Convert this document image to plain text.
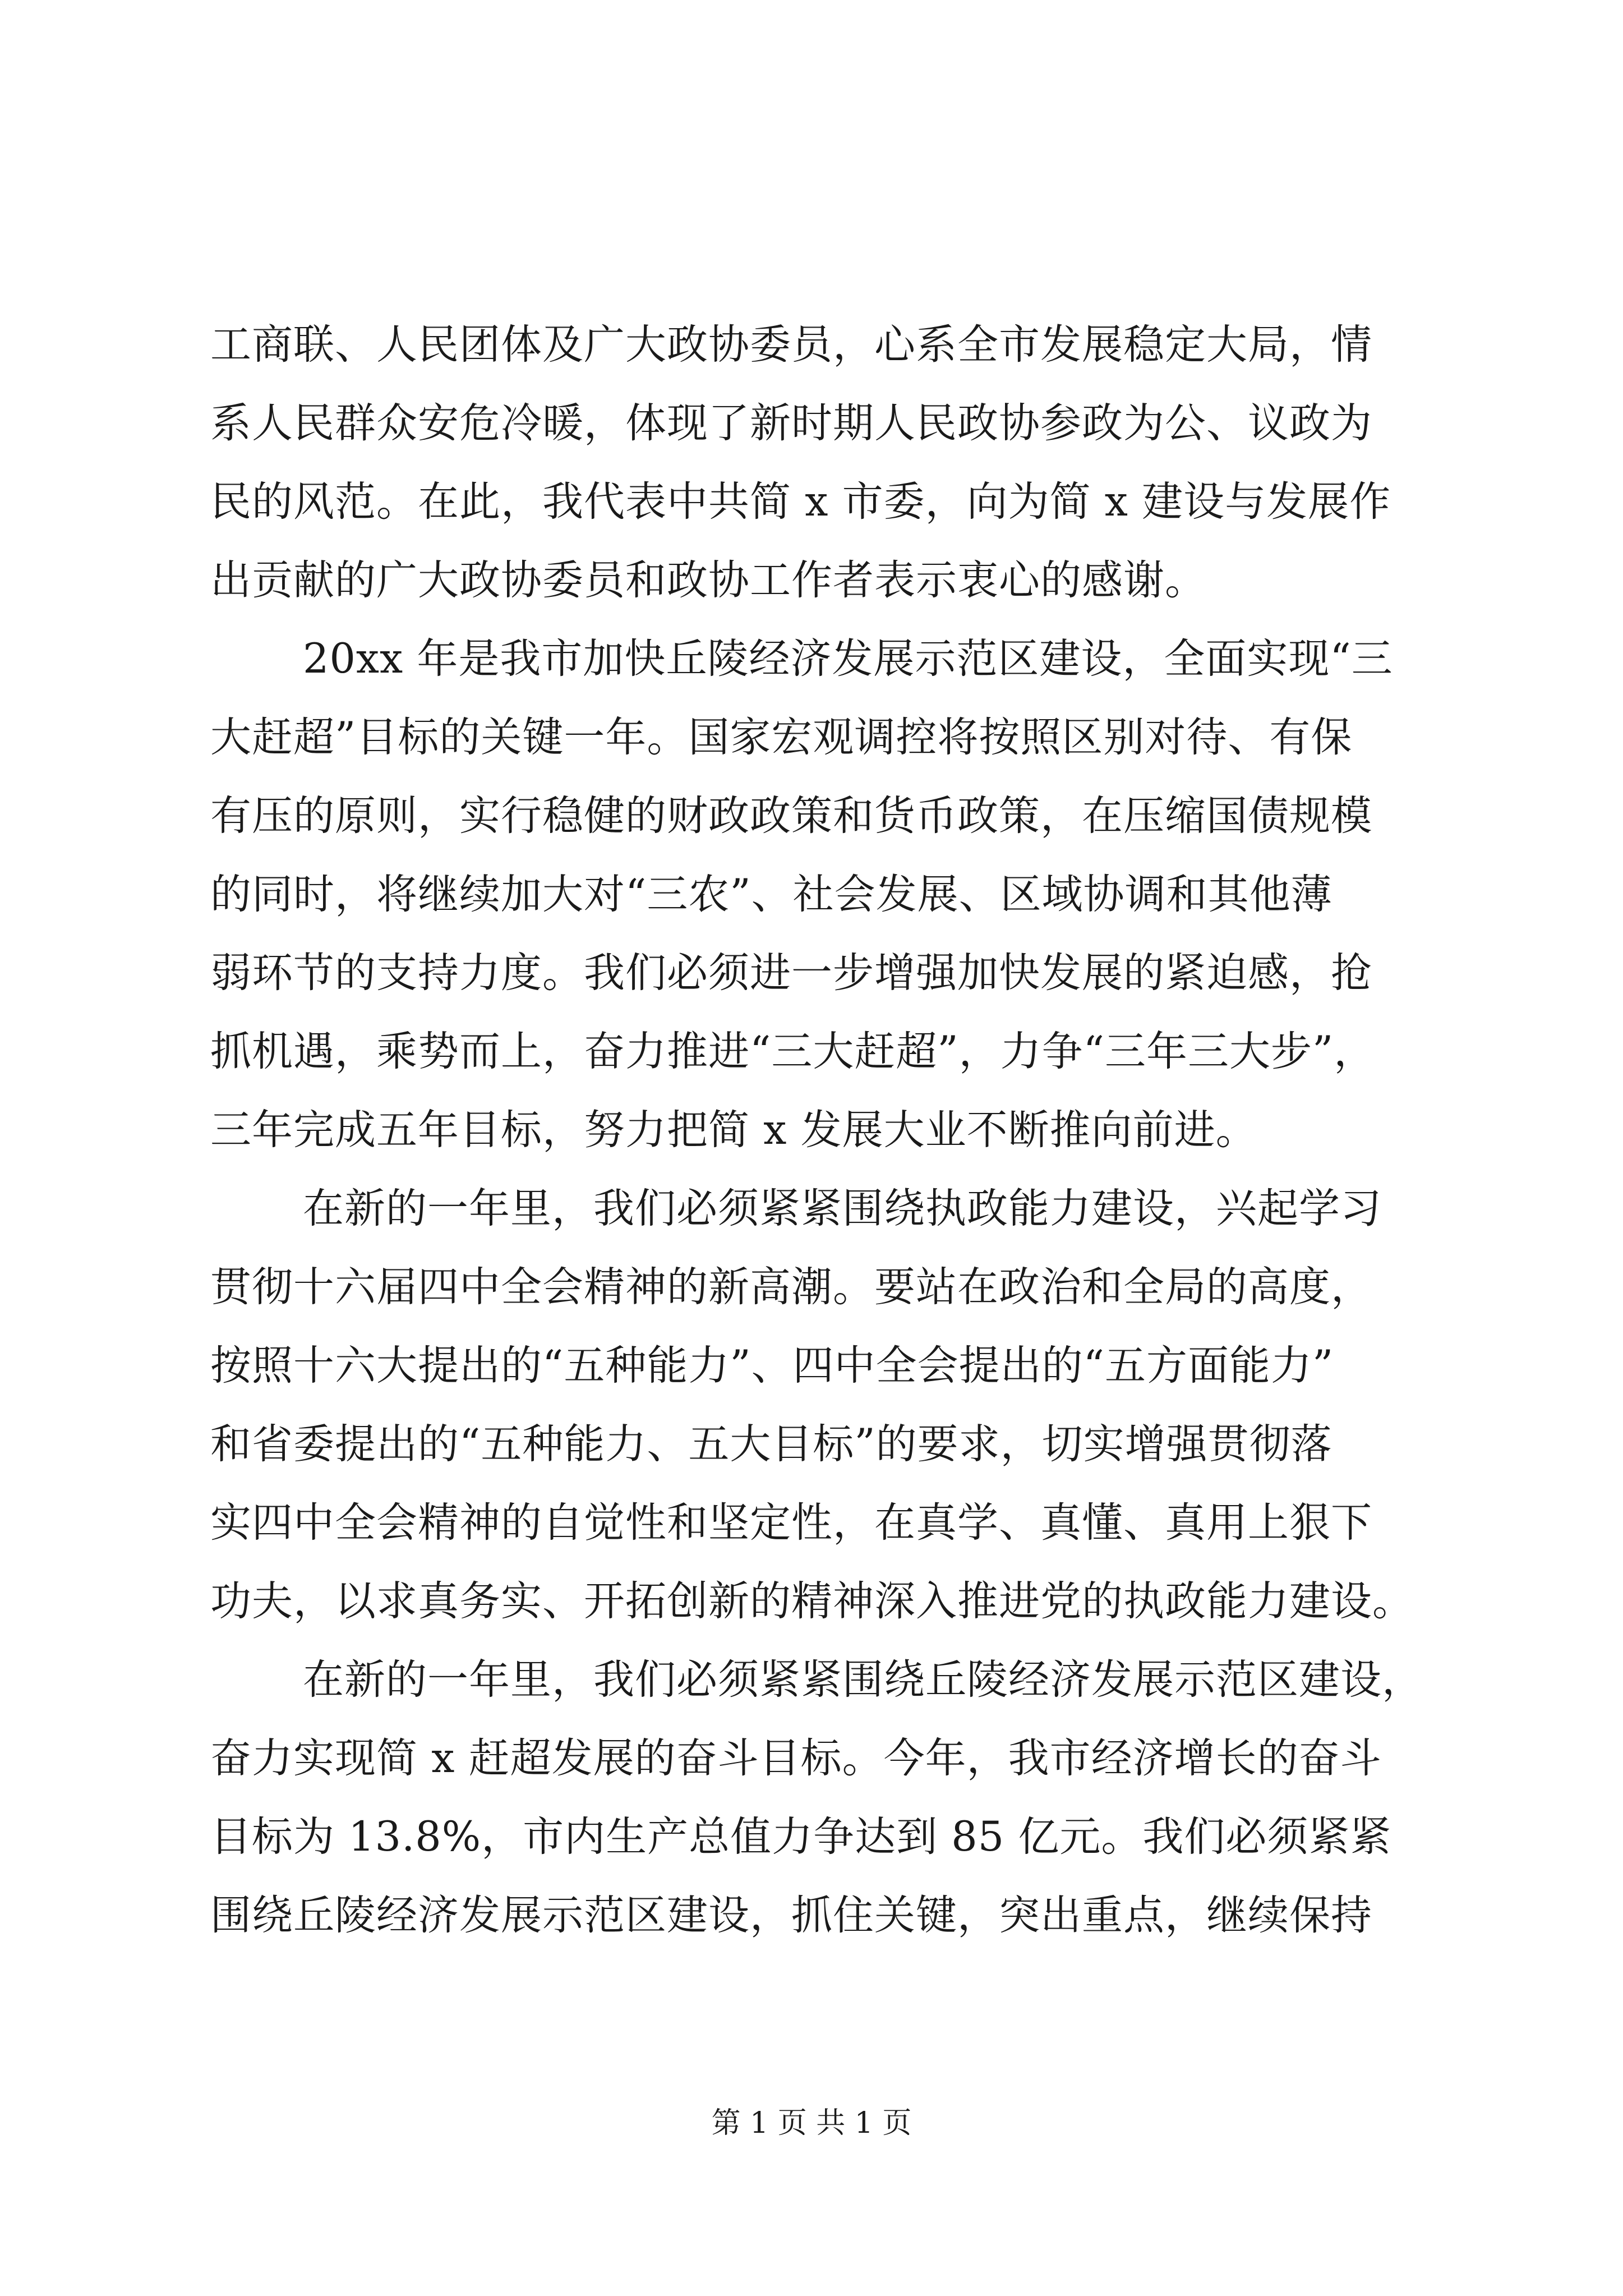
工商联、人民团体及广大政协委员，心系全市发展稳定大局，情

系人民群众安危冷暖，体现了新时期人民政协参政为公、议政为

民的风范。在此，我代表中共简 x 市委，向为简 x 建设与发展作

出贡献的广大政协委员和政协工作者表示衷心的感谢。

20xx 年是我市加快丘陵经济发展示范区建设，全面实现“三

大赶超”目标的关键一年。国家宏观调控将按照区别对待、有保

有压的原则，实行稳健的财政政策和货币政策，在压缩国债规模

的同时，将继续加大对“三农”、社会发展、区域协调和其他薄

弱环节的支持力度。我们必须进一步增强加快发展的紧迫感，抢

抓机遇，乘势而上，奋力推进“三大赶超”，力争“三年三大步”，

三年完成五年目标，努力把简 x 发展大业不断推向前进。

在新的一年里，我们必须紧紧围绕执政能力建设，兴起学习

贯彻十六届四中全会精神的新高潮。要站在政治和全局的高度，

按照十六大提出的“五种能力”、四中全会提出的“五方面能力”

和省委提出的“五种能力、五大目标”的要求，切实增强贯彻落

实四中全会精神的自觉性和坚定性，在真学、真懂、真用上狠下

功夫，以求真务实、开拓创新的精神深入推进党的执政能力建设。

在新的一年里，我们必须紧紧围绕丘陵经济发展示范区建设，

奋力实现简 x 赶超发展的奋斗目标。今年，我市经济增长的奋斗

目标为 13.8%，市内生产总值力争达到 85 亿元。我们必须紧紧

围绕丘陵经济发展示范区建设，抓住关键，突出重点，继续保持

第 1 页 共 1 页
